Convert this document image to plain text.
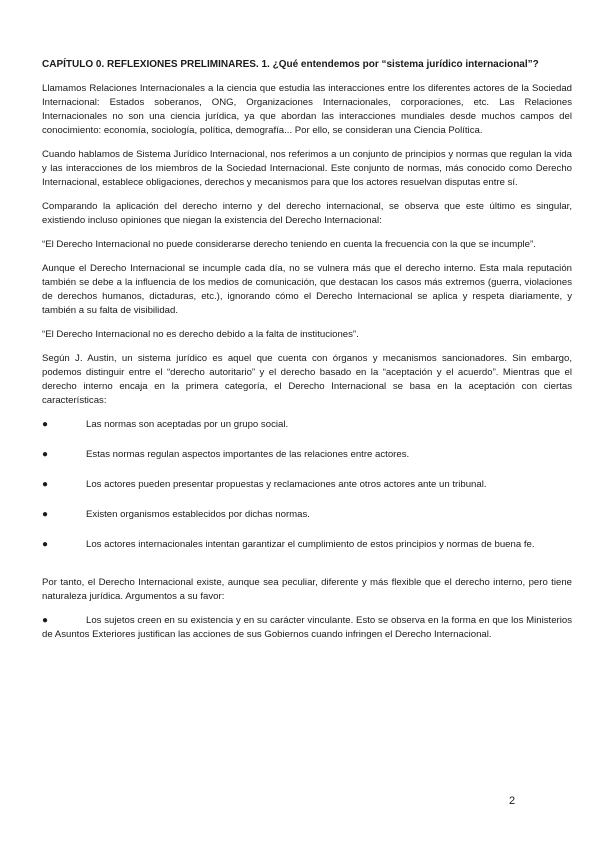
CAPÍTULO 0. REFLEXIONES PRELIMINARES. 1. ¿Qué entendemos por “sistema jurídico internacional”?

Llamamos Relaciones Internacionales a la ciencia que estudia las interacciones entre los diferentes actores de la Sociedad Internacional: Estados soberanos, ONG, Organizaciones Internacionales, corporaciones, etc. Las Relaciones Internacionales no son una ciencia jurídica, ya que abordan las interacciones mundiales desde muchos campos del conocimiento: economía, sociología, política, demografía... Por ello, se consideran una Ciencia Política.

Cuando hablamos de Sistema Jurídico Internacional, nos referimos a un conjunto de principios y normas que regulan la vida y las interacciones de los miembros de la Sociedad Internacional. Este conjunto de normas, más conocido como Derecho Internacional, establece obligaciones, derechos y mecanismos para que los actores resuelvan disputas entre sí.

Comparando la aplicación del derecho interno y del derecho internacional, se observa que este último es singular, existiendo incluso opiniones que niegan la existencia del Derecho Internacional:

“El Derecho Internacional no puede considerarse derecho teniendo en cuenta la frecuencia con la que se incumple”.

Aunque el Derecho Internacional se incumple cada día, no se vulnera más que el derecho interno. Esta mala reputación también se debe a la influencia de los medios de comunicación, que destacan los casos más extremos (guerra, violaciones de derechos humanos, dictaduras, etc.), ignorando cómo el Derecho Internacional se aplica y respeta diariamente, y también a su falta de visibilidad.

“El Derecho Internacional no es derecho debido a la falta de instituciones”.

Según J. Austin, un sistema jurídico es aquel que cuenta con órganos y mecanismos sancionadores. Sin embargo, podemos distinguir entre el “derecho autoritario” y el derecho basado en la “aceptación y el acuerdo”. Mientras que el derecho interno encaja en la primera categoría, el Derecho Internacional se basa en la aceptación con ciertas características:

●	Las normas son aceptadas por un grupo social.
●	Estas normas regulan aspectos importantes de las relaciones entre actores.
●	Los actores pueden presentar propuestas y reclamaciones ante otros actores ante un tribunal.
●	Existen organismos establecidos por dichas normas.
●	Los actores internacionales intentan garantizar el cumplimiento de estos principios y normas de buena fe.

Por tanto, el Derecho Internacional existe, aunque sea peculiar, diferente y más flexible que el derecho interno, pero tiene naturaleza jurídica. Argumentos a su favor:

●	Los sujetos creen en su existencia y en su carácter vinculante. Esto se observa en la forma en que los Ministerios de Asuntos Exteriores justifican las acciones de sus Gobiernos cuando infringen el Derecho Internacional.
2
